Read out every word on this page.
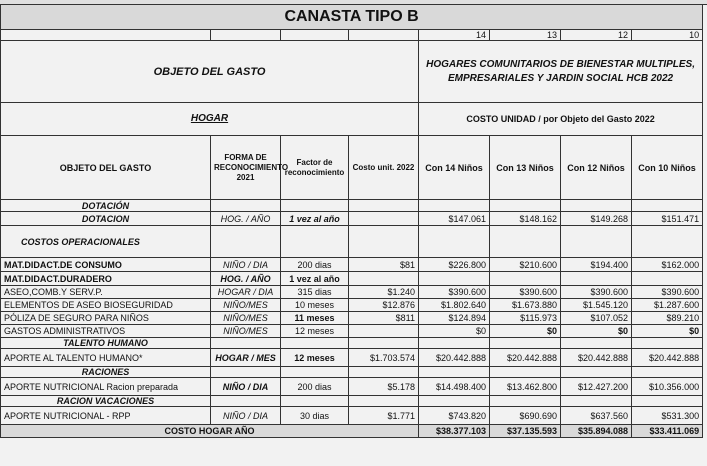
CANASTA TIPO B							
				14	13	12	10
OBJETO DEL GASTO				HOGARES COMUNITARIOS DE BIENESTAR MULTIPLES, EMPRESARIALES Y JARDIN SOCIAL HCB 2022			
HOGAR				COSTO UNIDAD / por Objeto del Gasto 2022			
OBJETO DEL GASTO	FORMA DE RECONOCIMIENTO 2021	Factor de reconocimiento	Costo unit. 2022	Con 14 Niños	Con 13 Niños	Con 12 Niños	Con 10 Niños
DOTACIÓN							
DOTACION	HOG. / AÑO	1 vez al año		$147.061	$148.162	$149.268	$151.471
COSTOS OPERACIONALES							
MAT.DIDACT.DE CONSUMO	NIÑO / DIA	200 dias	$81	$226.800	$210.600	$194.400	$162.000
MAT.DIDACT.DURADERO	HOG. / AÑO	1 vez al año					
ASEO,COMB.Y SERV.P.	HOGAR / DIA	315 dias	$1.240	$390.600	$390.600	$390.600	$390.600
ELEMENTOS DE ASEO BIOSEGURIDAD	NIÑO/MES	10 meses	$12.876	$1.802.640	$1.673.880	$1.545.120	$1.287.600
PÓLIZA DE SEGURO PARA NIÑOS	NIÑO/MES	11 meses	$811	$124.894	$115.973	$107.052	$89.210
GASTOS ADMINISTRATIVOS	NIÑO/MES	12 meses		$0	$0	$0	$0
TALENTO HUMANO							
APORTE AL TALENTO HUMANO*	HOGAR / MES	12 meses	$1.703.574	$20.442.888	$20.442.888	$20.442.888	$20.442.888
RACIONES							
APORTE NUTRICIONAL Racion preparada	NIÑO / DIA	200 dias	$5.178	$14.498.400	$13.462.800	$12.427.200	$10.356.000
RACION VACACIONES							
APORTE NUTRICIONAL - RPP	NIÑO / DIA	30 dias	$1.771	$743.820	$690.690	$637.560	$531.300
COSTO HOGAR AÑO				$38.377.103	$37.135.593	$35.894.088	$33.411.069
